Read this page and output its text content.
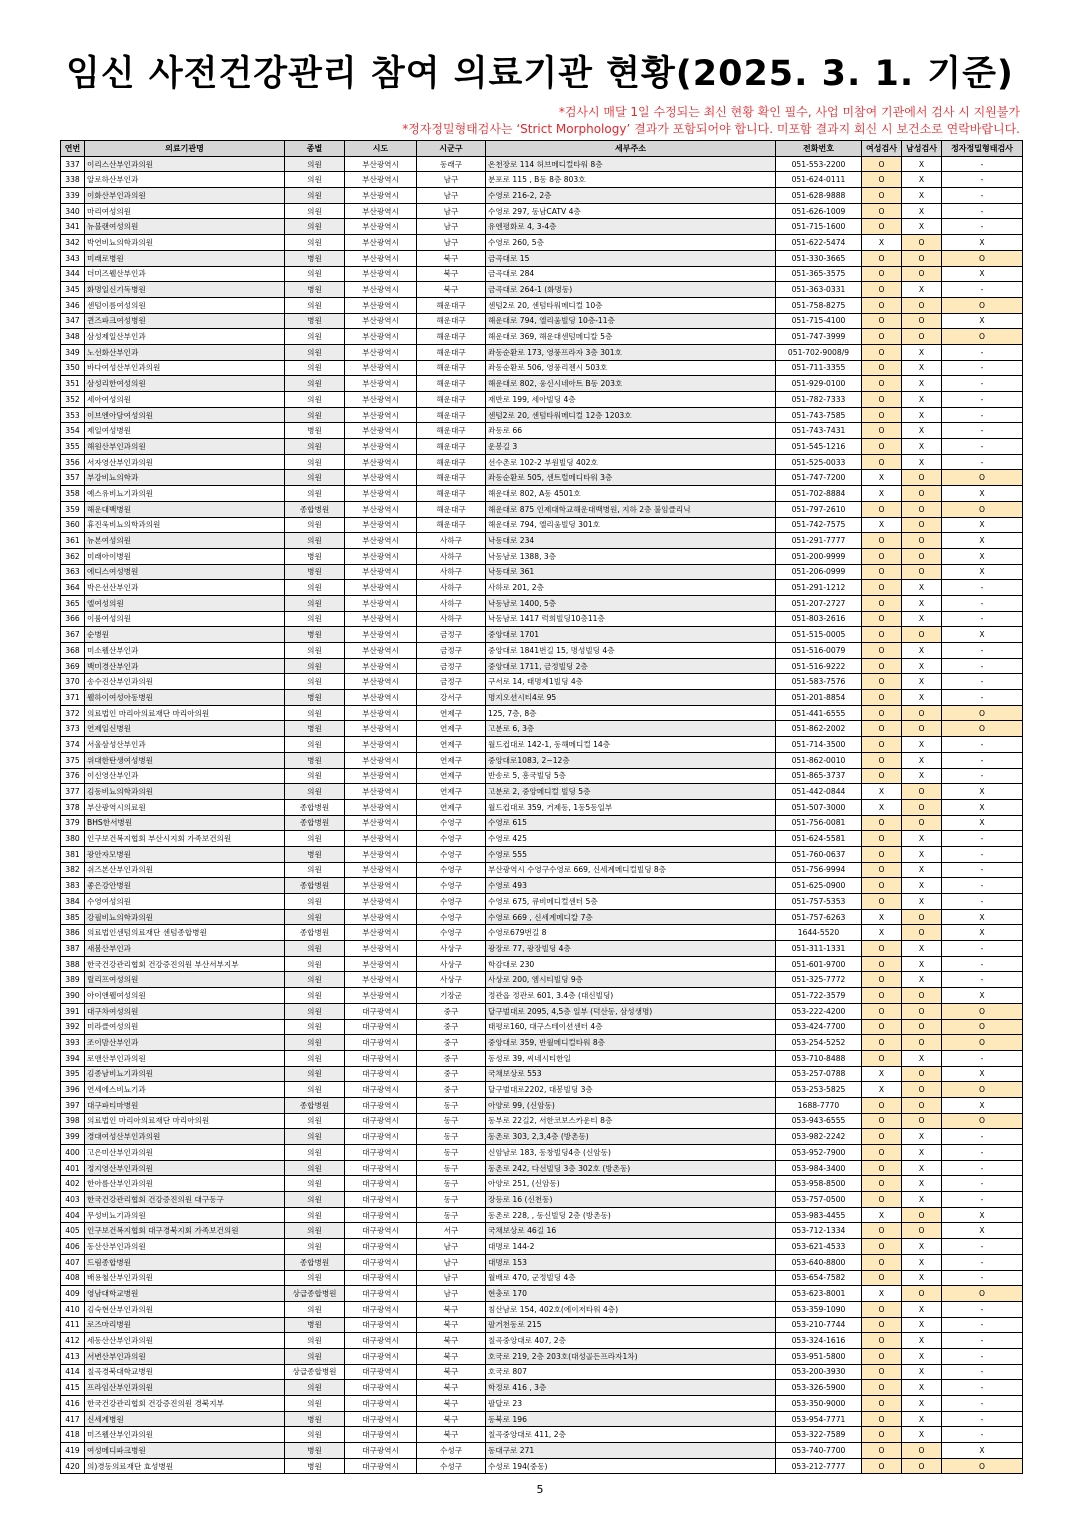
임신 사전건강관리 참여 의료기관 현황(2025. 3. 1. 기준)

*검사시 매달 1일 수정되는 최신 현황 확인 필수, 사업 미참여 기관에서 검사 시 지원불가

*정자정밀형태검사는 ‘Strict Morphology’ 결과가 포함되어야 합니다. 미포함 결과지 회신 시 보건소로 연락바랍니다.

연번	의료기관명	종별	시도	시군구	세부주소	전화번호	여성검사	남성검사	정자정밀형태검사
337	이리스산부인과의원	의원	부산광역시	동래구	온천장로 114 허브메디컬타워 8층	051-553-2200	O	X	-
338	알로하산부인과	의원	부산광역시	남구	분포로 115 , B동 8층 803호	051-624-0111	O	X	-
339	이화산부인과의원	의원	부산광역시	남구	수영로 216-2, 2층	051-628-9888	O	X	-
340	마리여성의원	의원	부산광역시	남구	수영로 297, 동남CATV 4층	051-626-1009	O	X	-
341	뉴블랜여성의원	의원	부산광역시	남구	유엔평화로 4, 3-4층	051-715-1600	O	X	-
342	박연비뇨의학과의원	의원	부산광역시	남구	수영로 260, 5층	051-622-5474	X	O	X
343	미래로병원	병원	부산광역시	북구	금곡대로 15	051-330-3665	O	O	O
344	더미즈웰산부인과	의원	부산광역시	북구	금곡대로 284	051-365-3575	O	O	X
345	화명일신기독병원	병원	부산광역시	북구	금곡대로 264-1 (화명동)	051-363-0331	O	X	-
346	센텀이름여성의원	의원	부산광역시	해운대구	센텀2로 20, 센텀타워메디컬 10층	051-758-8275	O	O	O
347	퀸즈파크여성병원	병원	부산광역시	해운대구	해운대로 794, 엘리움빌딩 10층-11층	051-715-4100	O	O	X
348	삼성제일산부인과	의원	부산광역시	해운대구	해운대로 369, 해운대센텀메디칼 5층	051-747-3999	O	O	O
349	노선화산부인과	의원	부산광역시	해운대구	좌동순환로 173, 영풍프라자 3층 301호	051-702-9008/9	O	X	-
350	바다여성산부인과의원	의원	부산광역시	해운대구	좌동순환로 506, 영풍리젠시 503호	051-711-3355	O	X	-
351	삼성리한여성의원	의원	부산광역시	해운대구	해운대로 802, 웅신시네아트 B동 203호	051-929-0100	O	X	-
352	세아여성의원	의원	부산광역시	해운대구	재반로 199, 세아빌딩 4층	051-782-7333	O	X	-
353	이브엔아담여성의원	의원	부산광역시	해운대구	센텀2로 20, 센텀타워메디컬 12층 1203호	051-743-7585	O	X	-
354	제일여성병원	병원	부산광역시	해운대구	좌동로 66	051-743-7431	O	X	-
355	해원산부인과의원	의원	부산광역시	해운대구	운봉길 3	051-545-1216	O	X	-
356	서자영산부인과의원	의원	부산광역시	해운대구	선수촌로 102-2 부원빌딩 402호	051-525-0033	O	X	-
357	부강비뇨의학과	의원	부산광역시	해운대구	좌동순환로 505, 센트럴메디타워 3층	051-747-7200	X	O	O
358	예스유비뇨기과의원	의원	부산광역시	해운대구	해운대로 802, A동 4501호	051-702-8884	X	O	X
359	해운대백병원	종합병원	부산광역시	해운대구	해운대로 875 인제대학교해운대백병원, 지하 2층 불임클리닉	051-797-2610	O	O	O
360	휴진욱비뇨의학과의원	의원	부산광역시	해운대구	해운대로 794, 엘리움빌딩 301호	051-742-7575	X	O	X
361	뉴본여성의원	의원	부산광역시	사하구	낙동대로 234	051-291-7777	O	O	X
362	미래아이병원	병원	부산광역시	사하구	낙동남로 1388, 3층	051-200-9999	O	O	X
363	에디스여성병원	병원	부산광역시	사하구	낙동대로 361	051-206-0999	O	O	X
364	박은선산부인과	의원	부산광역시	사하구	사하로 201, 2층	051-291-1212	O	X	-
365	엘여성의원	의원	부산광역시	사하구	낙동남로 1400, 5층	051-207-2727	O	X	-
366	이룸여성의원	의원	부산광역시	사하구	낙동남로 1417 럭희빌딩10층11층	051-803-2616	O	X	-
367	순병원	병원	부산광역시	금정구	중앙대로 1701	051-515-0005	O	O	X
368	미소웰산부인과	의원	부산광역시	금정구	중앙대로 1841번길 15, 명성빌딩 4층	051-516-0079	O	X	-
369	백미경산부인과	의원	부산광역시	금정구	중앙대로 1711, 금정빌딩 2층	051-516-9222	O	X	-
370	송수진산부인과의원	의원	부산광역시	금정구	구서로 14, 태명제1빌딩 4층	051-583-7576	O	X	-
371	웰하이여성아동병원	병원	부산광역시	강서구	명지오션시티4로 95	051-201-8854	O	X	-
372	의료법인 마리아의료재단 마리아의원	의원	부산광역시	연제구	125, 7층, 8층	051-441-6555	O	O	O
373	연제일신병원	병원	부산광역시	연제구	고분로 6, 3층	051-862-2002	O	O	O
374	서울삼성산부인과	의원	부산광역시	연제구	월드컵대로 142-1, 동해메디컬 14층	051-714-3500	O	X	-
375	위대한탄생여성병원	병원	부산광역시	연제구	중앙대로1083, 2~12층	051-862-0010	O	X	-
376	이신영산부인과	의원	부산광역시	연제구	반송로 5, 흥국빌딩 5층	051-865-3737	O	X	-
377	김동비뇨의학과의원	의원	부산광역시	연제구	고분로 2, 중앙메디컬 빌딩 5층	051-442-0844	X	O	X
378	부산광역시의료원	종합병원	부산광역시	연제구	월드컵대로 359, 거제동, 1동5동일부	051-507-3000	X	O	X
379	BHS한서병원	종합병원	부산광역시	수영구	수영로 615	051-756-0081	O	O	X
380	인구보건복지협회 부산시지회 가족보건의원	의원	부산광역시	수영구	수영로 425	051-624-5581	O	X	-
381	광안자모병원	병원	부산광역시	수영구	수영로 555	051-760-0637	O	X	-
382	쉬즈본산부인과의원	의원	부산광역시	수영구	부산광역시 수영구수영로 669, 신세계메디컬빌딩 8층	051-756-9994	O	X	-
383	좋은강안병원	종합병원	부산광역시	수영구	수영로 493	051-625-0900	O	X	-
384	수영여성의원	의원	부산광역시	수영구	수영로 675, 큐비메디컬센터 5층	051-757-5353	O	X	-
385	강필비뇨의학과의원	의원	부산광역시	수영구	수영로 669 , 신세계메디칼 7층	051-757-6263	X	O	X
386	의료법인센텀의료재단 센텀종합병원	종합병원	부산광역시	수영구	수영로679번길 8	1644-5520	X	O	X
387	새봄산부인과	의원	부산광역시	사상구	광장로 77, 광장빌딩 4층	051-311-1331	O	X	-
388	한국건강관리협회 건강증진의원 부산서부지부	의원	부산광역시	사상구	학감대로 230	051-601-9700	O	X	-
389	릴리프여성의원	의원	부산광역시	사상구	사상로 200, 엠시티빌딩 9층	051-325-7772	O	X	-
390	아이앤웰여성의원	의원	부산광역시	기장군	정관읍 정관로 601, 3.4층 (대신빌딩)	051-722-3579	O	O	X
391	대구차여성의원	의원	대구광역시	중구	달구벌대로 2095, 4,5층 일부 (덕산동, 삼성생명)	053-222-4200	O	O	O
392	미라클여성의원	의원	대구광역시	중구	태평로160, 대구스테이션센터 4층	053-424-7700	O	O	O
393	조이맘산부인과	의원	대구광역시	중구	중앙대로 359, 반월메디컬타워 8층	053-254-5252	O	O	O
394	로앤산부인과의원	의원	대구광역시	중구	동성로 39, 씨네시티한일	053-710-8488	O	X	-
395	김종남비뇨기과의원	의원	대구광역시	중구	국채보상로 553	053-257-0788	X	O	X
396	연세에스비뇨기과	의원	대구광역시	중구	달구벌대로2202, 대봉빌딩 3층	053-253-5825	X	O	O
397	대구파티마병원	종합병원	대구광역시	동구	아양로 99, (신암동)	1688-7770	O	O	X
398	의료법인 마리아의료재단 마리아의원	의원	대구광역시	동구	동부로 22길2, 서한코보스카운티 8층	053-943-6555	O	O	O
399	경대여성산부인과의원	의원	대구광역시	동구	동촌로 303, 2,3,4층 (방촌동)	053-982-2242	O	X	-
400	고은미산부인과의원	의원	대구광역시	동구	신암남로 183, 동창빌딩4층 (신암동)	053-952-7900	O	X	-
401	정지영산부인과의원	의원	대구광역시	동구	동촌로 242, 다선빌딩 3층 302호 (방촌동)	053-984-3400	O	X	-
402	한아름산부인과의원	의원	대구광역시	동구	아양로 251, (신암동)	053-958-8500	O	X	-
403	한국건강관리협회 건강증진의원 대구동구	의원	대구광역시	동구	장등로 16 (신천동)	053-757-0500	O	X	-
404	무성비뇨기과의원	의원	대구광역시	동구	동촌로 228, , 동신빌딩 2층 (방촌동)	053-983-4455	X	O	X
405	인구보건복지협회 대구경북지회 가족보건의원	의원	대구광역시	서구	국채보상로 46길 16	053-712-1334	O	O	X
406	동산산부인과의원	의원	대구광역시	남구	대명로 144-2	053-621-4533	O	X	-
407	드림종합병원	종합병원	대구광역시	남구	대명로 153	053-640-8800	O	X	-
408	배용철산부인과의원	의원	대구광역시	남구	월배로 470, 군정빌딩 4층	053-654-7582	O	X	-
409	영남대학교병원	상급종합병원	대구광역시	남구	현충로 170	053-623-8001	X	O	O
410	김숙현산부인과의원	의원	대구광역시	북구	침산남로 154, 402호(에이저타워 4층)	053-359-1090	O	X	-
411	로즈마리병원	병원	대구광역시	북구	팔거천동로 215	053-210-7744	O	X	-
412	세동산산부인과의원	의원	대구광역시	북구	칠곡중앙대로 407, 2층	053-324-1616	O	X	-
413	서변산부인과의원	의원	대구광역시	북구	호국로 219, 2층 203호(대성골든프라자1차)	053-951-5800	O	X	-
414	칠곡경북대학교병원	상급종합병원	대구광역시	북구	호국로 807	053-200-3930	O	X	-
415	프라임산부인과의원	의원	대구광역시	북구	학정로 416 , 3층	053-326-5900	O	X	-
416	한국건강관리협회 건강증진의원 경북지부	의원	대구광역시	북구	팔달로 23	053-350-9000	O	X	-
417	신세계병원	병원	대구광역시	북구	동북로 196	053-954-7771	O	X	-
418	미즈웰산부인과의원	의원	대구광역시	북구	칠곡중앙대로 411, 2층	053-322-7589	O	X	-
419	여성메디파크병원	병원	대구광역시	수성구	동대구로 271	053-740-7700	O	O	X
420	의)경동의료재단 효성병원	병원	대구광역시	수성구	수성로 194(중동)	053-212-7777	O	O	O

5
